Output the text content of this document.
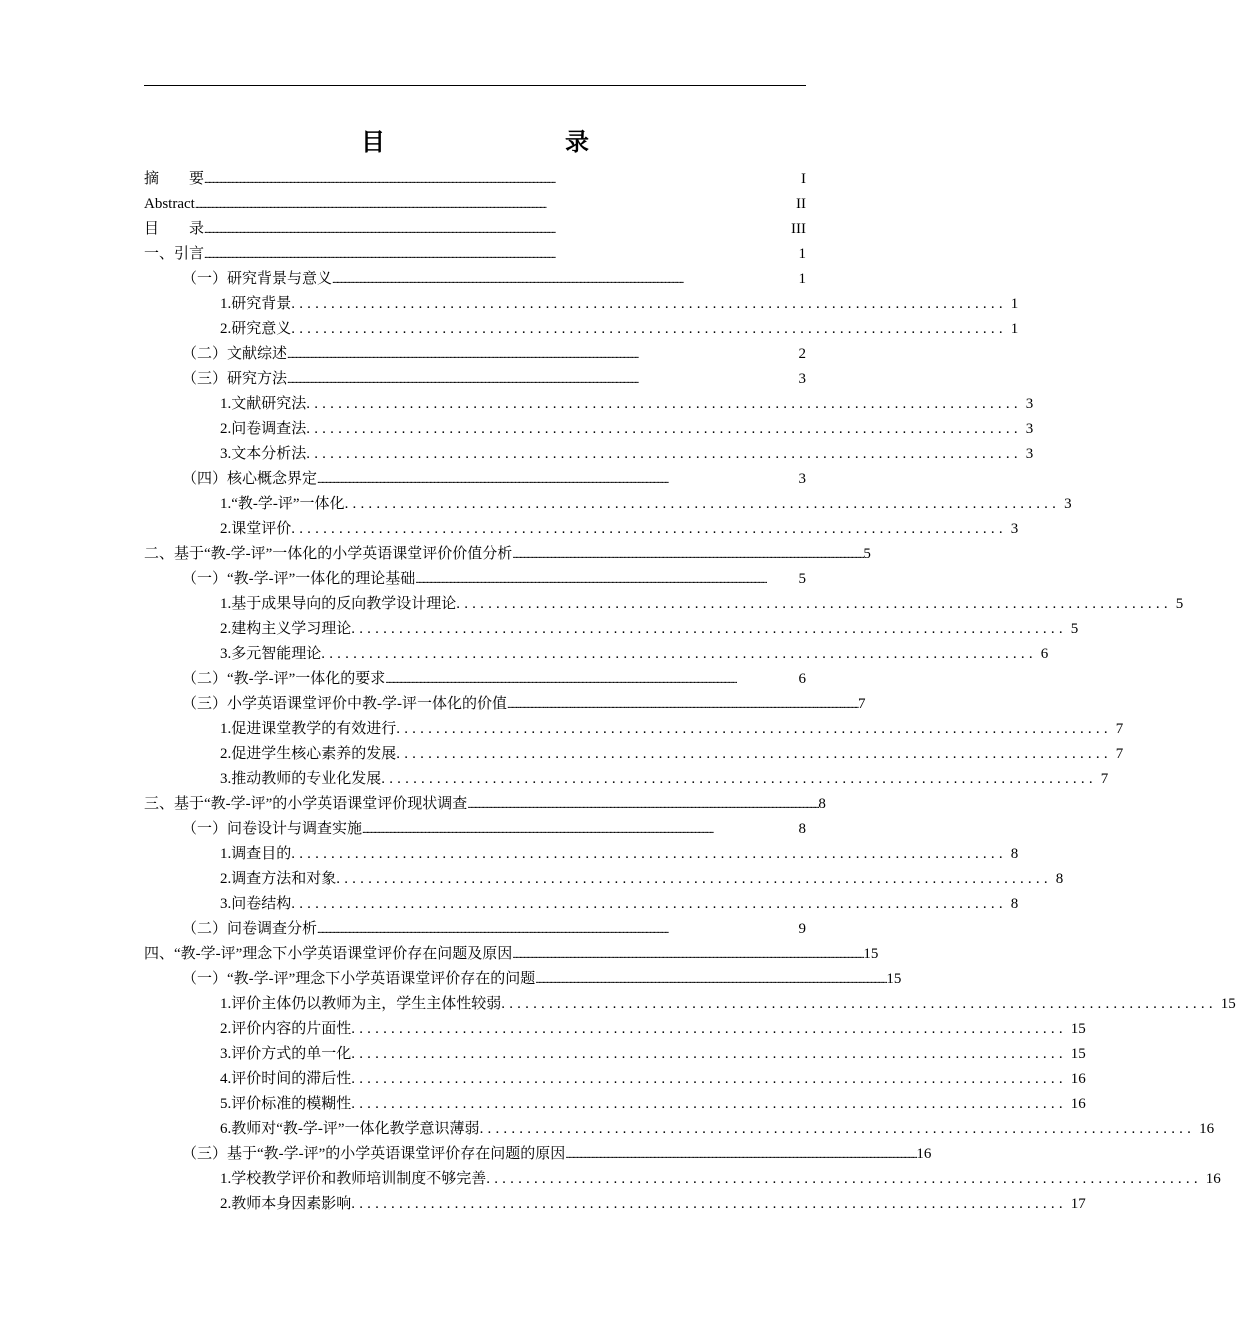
目　　录
摘　　要 ....................................................................................................................................................................................................................................................................	I
Abstract ....................................................................................................................................................................................................................................................................	II
目　　录 ....................................................................................................................................................................................................................................................................	III
一、引言 ....................................................................................................................................................................................................................................................................	1
（一）研究背景与意义 ....................................................................................................................................................................................................................................................................	1
1.研究背景 .......................................................................................... 1
2.研究意义 .......................................................................................... 1
（二）文献综述 ....................................................................................................................................................................................................................................................................	2
（三）研究方法 ....................................................................................................................................................................................................................................................................	3
1.文献研究法 .......................................................................................... 3
2.问卷调查法 .......................................................................................... 3
3.文本分析法 .......................................................................................... 3
（四）核心概念界定 ....................................................................................................................................................................................................................................................................	3
1.“教-学-评”一体化 .......................................................................................... 3
2.课堂评价 .......................................................................................... 3
二、基于“教-学-评”一体化的小学英语课堂评价价值分析 .................................................................................................................................................................................................................................................................... 5
（一）“教-学-评”一体化的理论基础 ....................................................................................................................................................................................................................................................................	5
1.基于成果导向的反向教学设计理论 .......................................................................................... 5
2.建构主义学习理论 .......................................................................................... 5
3.多元智能理论 .......................................................................................... 6
（二）“教-学-评”一体化的要求 ....................................................................................................................................................................................................................................................................	6
（三）小学英语课堂评价中教-学-评一体化的价值 .................................................................................................................................................................................................................................................................... 7
1.促进课堂教学的有效进行 .......................................................................................... 7
2.促进学生核心素养的发展 .......................................................................................... 7
3.推动教师的专业化发展 .......................................................................................... 7
三、基于“教-学-评”的小学英语课堂评价现状调查 .................................................................................................................................................................................................................................................................... 8
（一）问卷设计与调查实施 ....................................................................................................................................................................................................................................................................	8
1.调查目的 .......................................................................................... 8
2.调查方法和对象 .......................................................................................... 8
3.问卷结构 .......................................................................................... 8
（二）问卷调查分析 ....................................................................................................................................................................................................................................................................	9
四、“教-学-评”理念下小学英语课堂评价存在问题及原因 .................................................................................................................................................................................................................................................................... 15
（一）“教-学-评”理念下小学英语课堂评价存在的问题 .................................................................................................................................................................................................................................................................... 15
1.评价主体仍以教师为主，学生主体性较弱 .......................................................................................... 15
2.评价内容的片面性 .......................................................................................... 15
3.评价方式的单一化 .......................................................................................... 15
4.评价时间的滞后性 .......................................................................................... 16
5.评价标准的模糊性 .......................................................................................... 16
6.教师对“教-学-评”一体化教学意识薄弱 .......................................................................................... 16
（三）基于“教-学-评”的小学英语课堂评价存在问题的原因 .................................................................................................................................................................................................................................................................... 16
1.学校教学评价和教师培训制度不够完善 .......................................................................................... 16
2.教师本身因素影响 .......................................................................................... 17
